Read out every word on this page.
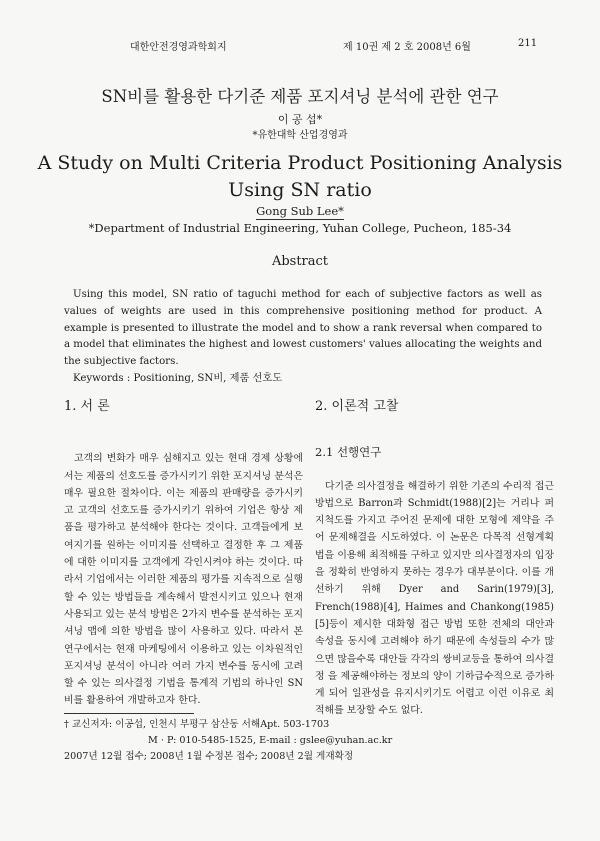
대한안전경영과학회지	제 10권 제 2 호 2008년 6월	211
SN비를 활용한 다기준 제품 포지셔닝 분석에 관한 연구
이 공 섭*
*유한대학 산업경영과
A Study on Multi Criteria Product Positioning Analysis
Using SN ratio
Gong Sub Lee*
*Department of Industrial Engineering, Yuhan College, Pucheon, 185-34
Abstract

Using this model, SN ratio of taguchi method for each of subjective factors as well as values of weights are used in this comprehensive positioning method for product. A example is presented to illustrate the model and to show a rank reversal when compared to a model that eliminates the highest and lowest customers' values allocating the weights and the subjective factors.

Keywords : Positioning, SN비, 제품 선호도

1. 서 론

고객의 변화가 매우 심해지고 있는 현대 경제 상황에서는 제품의 선호도를 증가시키기 위한 포지셔닝 분석은 매우 필요한 절차이다. 이는 제품의 판매량을 증가시키고 고객의 선호도를 증가시키기 위하여 기업은 항상 제품을 평가하고 분석해야 한다는 것이다. 고객들에게 보여지기를 원하는 이미지를 선택하고 결정한 후 그 제품에 대한 이미지를 고객에게 각인시켜야 하는 것이다. 따라서 기업에서는 이러한 제품의 평가를 지속적으로 실행할 수 있는 방법들을 계속해서 발전시키고 있으나 현재 사용되고 있는 분석 방법은 2가지 변수를 분석하는 포지셔닝 맵에 의한 방법을 많이 사용하고 있다. 따라서 본 연구에서는 현재 마케팅에서 이용하고 있는 이차원적인 포지셔닝 분석이 아니라 여러 가지 변수를 동시에 고려할 수 있는 의사결정 기법을 통계적 기법의 하나인 SN 비를 활용하여 개발하고자 한다.

2. 이론적 고찰
2.1 선행연구

다기준 의사결정을 해결하기 위한 기존의 수리적 접근방법으로 Barron과 Schmidt(1988)[2]는 거리나 퍼지척도를 가지고 주어진 문제에 대한 모형에 제약을 주어 문제해결을 시도하였다. 이 논문은 다목적 선형계획법을 이용해 최적해를 구하고 있지만 의사결정자의 입장을 정확히 반영하지 못하는 경우가 대부분이다. 이를 개선하기 위해 Dyer and Sarin(1979)[3], French(1988)[4], Haimes and Chankong(1985)[5]등이 제시한 대화형 접근 방법 또한 전체의 대안과 속성을 동시에 고려해야 하기 때문에 속성들의 수가 많으면 많을수록 대안들 각각의 쌍비교등을 통하여 의사결정 을 제공해야하는 정보의 양이 기하급수적으로 증가하게 되어 일관성을 유지시키기도 어렵고 이런 이유로 최적해를 보장할 수도 없다.

† 교신저자: 이공섭, 인천시 부평구 삼산동 서해Apt. 503-1703
M · P: 010-5485-1525, E-mail : gslee@yuhan.ac.kr
2007년 12월 접수; 2008년 1월 수정본 접수; 2008년 2월 게재확정
